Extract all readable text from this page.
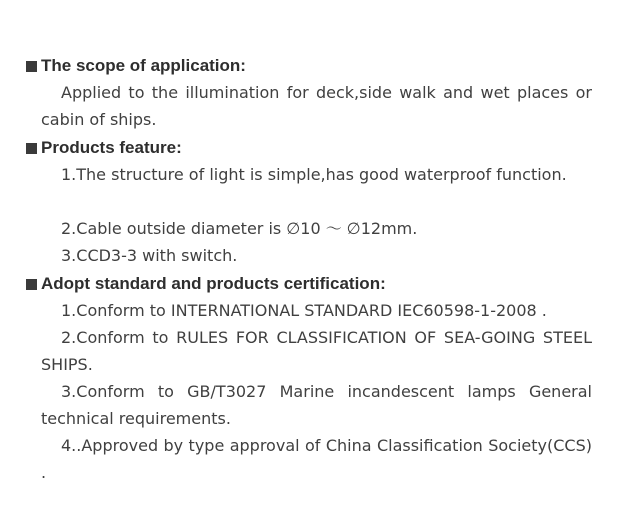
The scope of application:

Applied to the illumination for deck,side walk and wet places or cabin of ships.

Products feature:

1.The structure of light is simple,has good waterproof function.

2.Cable outside diameter is ∅10 ～ ∅12mm.

3.CCD3-3 with switch.

Adopt standard and products certification:

1.Conform to INTERNATIONAL STANDARD IEC60598-1-2008 .

2.Conform to RULES FOR CLASSIFICATION OF SEA-GOING STEEL SHIPS.

3.Conform to GB/T3027 Marine incandescent lamps General technical requirements.

4..Approved by type approval of China Classification Society(CCS) .
